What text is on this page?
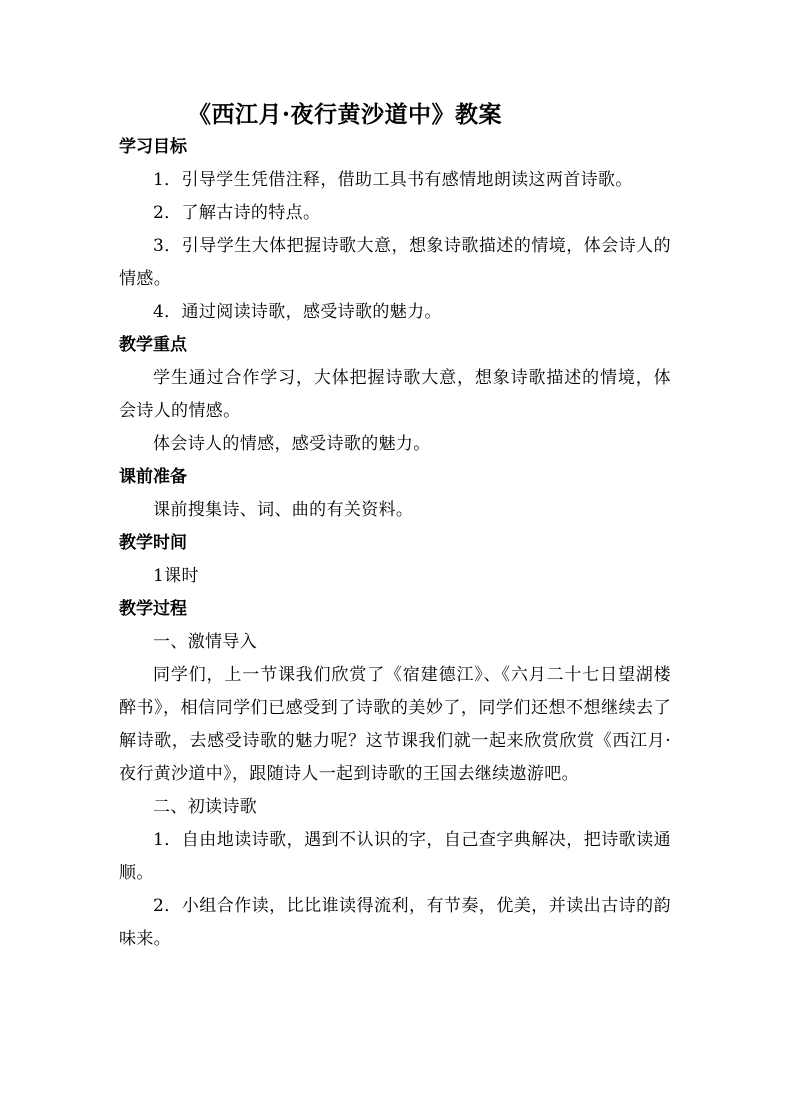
《西江月·夜行黄沙道中》教案
学习目标
1．引导学生凭借注释，借助工具书有感情地朗读这两首诗歌。
2．了解古诗的特点。
3．引导学生大体把握诗歌大意，想象诗歌描述的情境，体会诗人的情感。
4．通过阅读诗歌，感受诗歌的魅力。
教学重点
学生通过合作学习，大体把握诗歌大意，想象诗歌描述的情境，体会诗人的情感。
体会诗人的情感，感受诗歌的魅力。
课前准备
课前搜集诗、词、曲的有关资料。
教学时间
1课时
教学过程
一、激情导入
同学们，上一节课我们欣赏了《宿建德江》、《六月二十七日望湖楼醉书》，相信同学们已感受到了诗歌的美妙了，同学们还想不想继续去了解诗歌，去感受诗歌的魅力呢？这节课我们就一起来欣赏欣赏《西江月·夜行黄沙道中》，跟随诗人一起到诗歌的王国去继续遨游吧。
二、初读诗歌
1．自由地读诗歌，遇到不认识的字，自己查字典解决，把诗歌读通顺。
2．小组合作读，比比谁读得流利，有节奏，优美，并读出古诗的韵味来。
